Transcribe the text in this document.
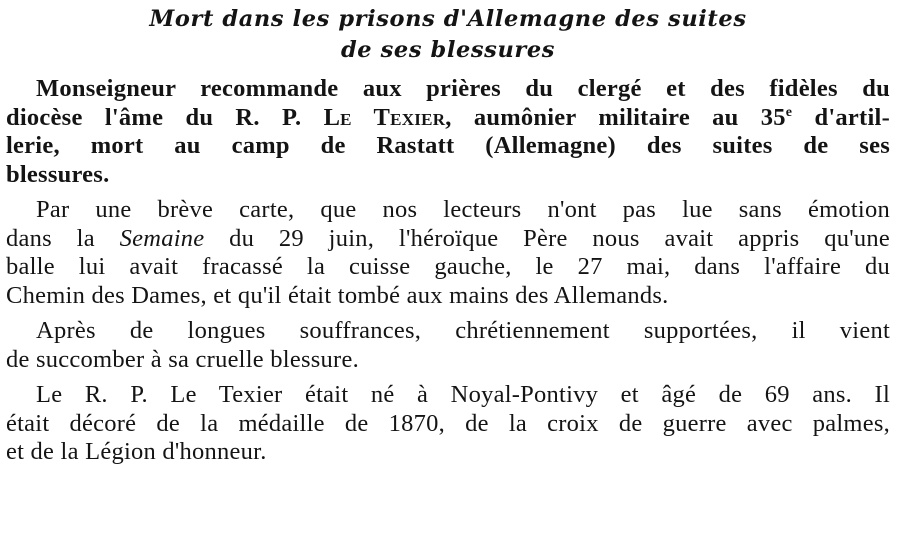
Mort dans les prisons d'Allemagne des suites
de ses blessures

Monseigneur recommande aux prières du clergé et des fidèles du
diocèse l'âme du R. P. Le Texier, aumônier militaire au 35e d'artil-
lerie, mort au camp de Rastatt (Allemagne) des suites de ses
blessures.

Par une brève carte, que nos lecteurs n'ont pas lue sans émotion
dans la Semaine du 29 juin, l'héroïque Père nous avait appris qu'une
balle lui avait fracassé la cuisse gauche, le 27 mai, dans l'affaire du
Chemin des Dames, et qu'il était tombé aux mains des Allemands.

Après de longues souffrances, chrétiennement supportées, il vient
de succomber à sa cruelle blessure.

Le R. P. Le Texier était né à Noyal-Pontivy et âgé de 69 ans. Il
était décoré de la médaille de 1870, de la croix de guerre avec palmes,
et de la Légion d'honneur.
